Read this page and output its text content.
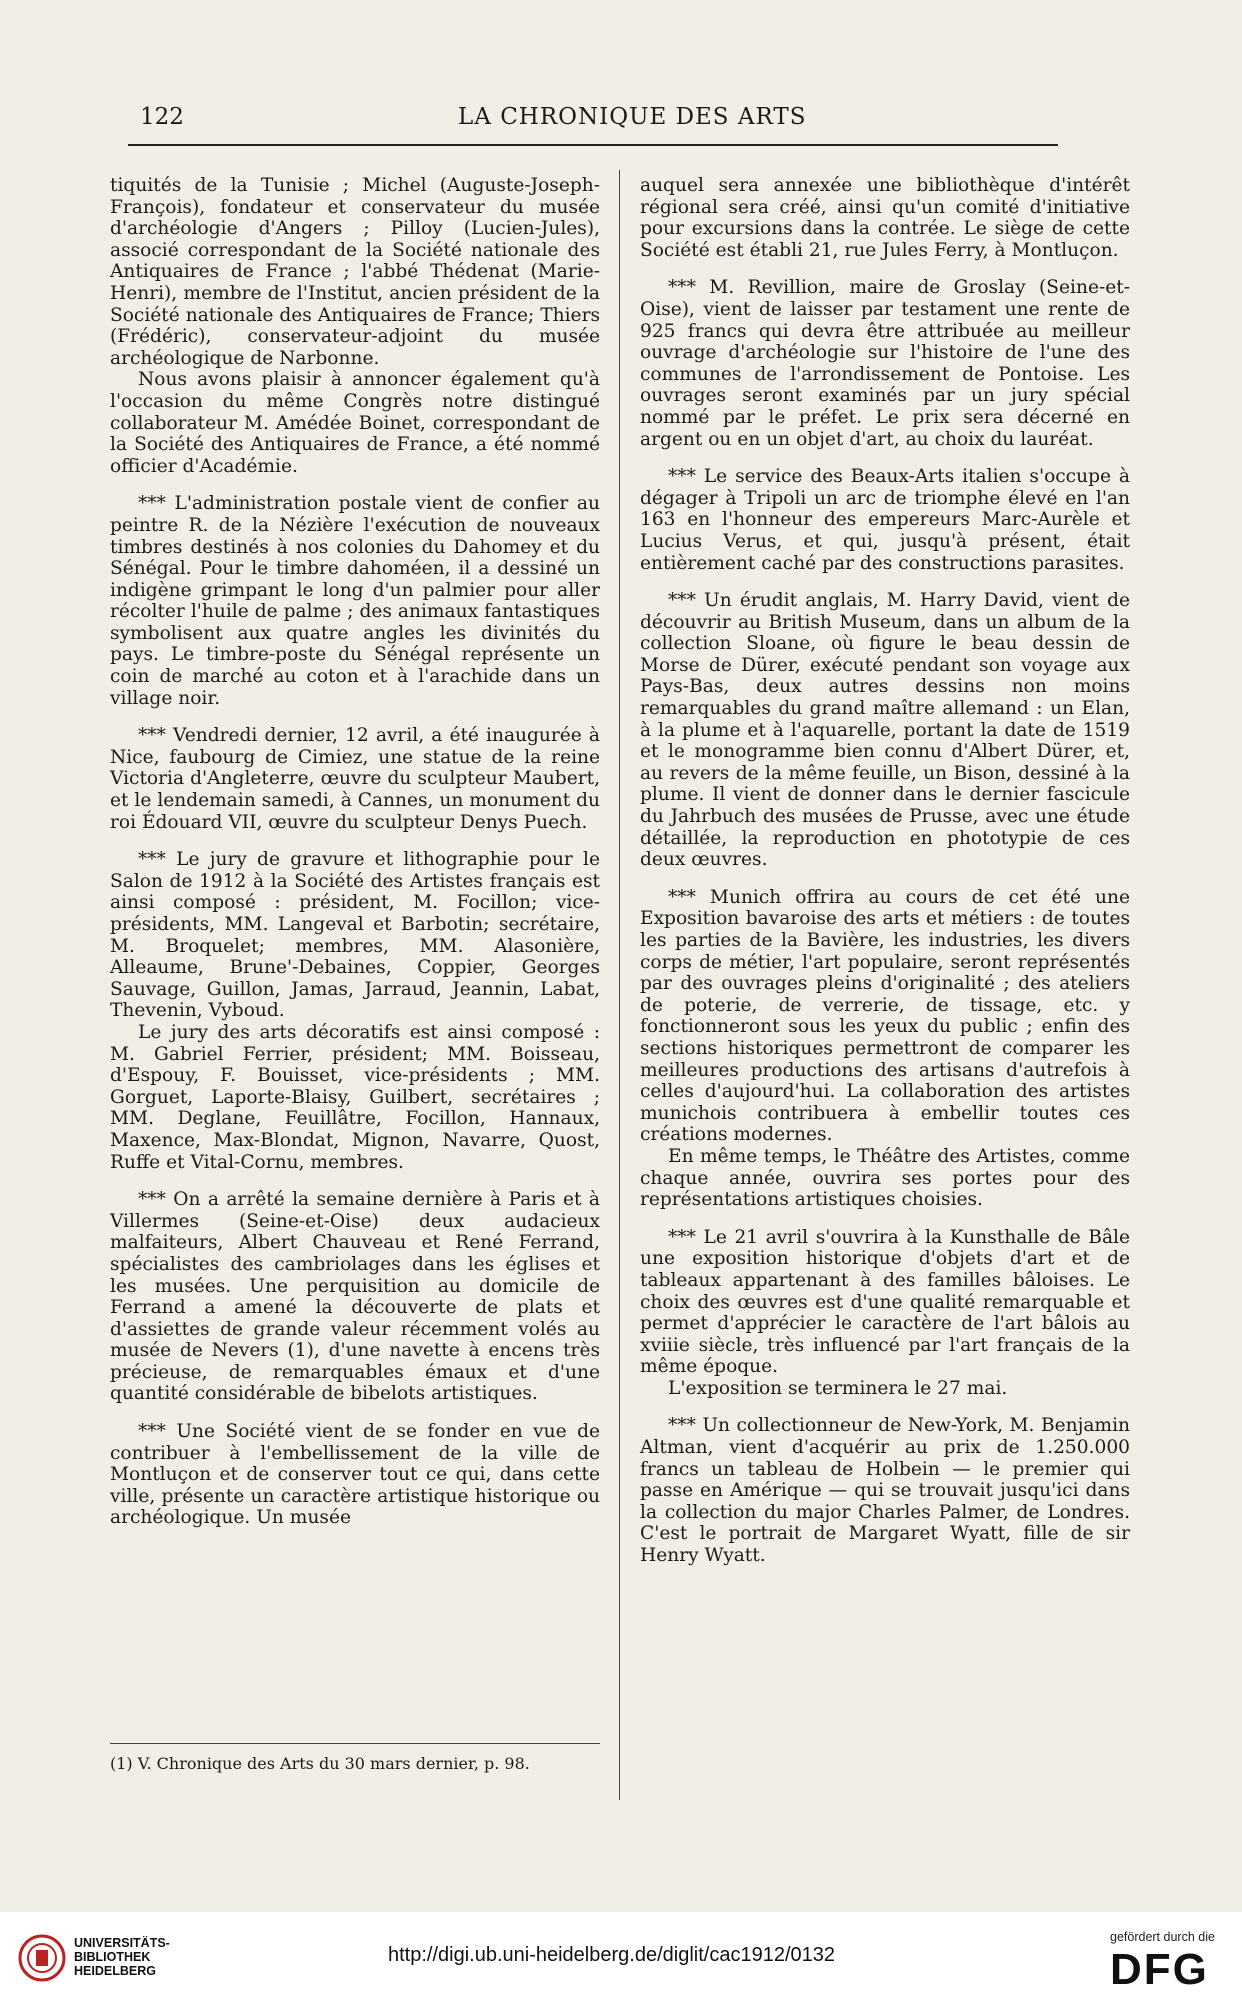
122	LA CHRONIQUE DES ARTS

tiquités de la Tunisie ; Michel (Auguste-Joseph-François), fondateur et conservateur du musée d'archéologie d'Angers ; Pilloy (Lucien-Jules), associé correspondant de la Société nationale des Antiquaires de France ; l'abbé Thédenat (Marie-Henri), membre de l'Institut, ancien président de la Société nationale des Antiquaires de France; Thiers (Frédéric), conservateur-adjoint du musée archéologique de Narbonne.

Nous avons plaisir à annoncer également qu'à l'occasion du même Congrès notre distingué collaborateur M. Amédée Boinet, correspondant de la Société des Antiquaires de France, a été nommé officier d'Académie.

*** L'administration postale vient de confier au peintre R. de la Nézière l'exécution de nouveaux timbres destinés à nos colonies du Dahomey et du Sénégal. Pour le timbre dahoméen, il a dessiné un indigène grimpant le long d'un palmier pour aller récolter l'huile de palme ; des animaux fantastiques symbolisent aux quatre angles les divinités du pays. Le timbre-poste du Sénégal représente un coin de marché au coton et à l'arachide dans un village noir.

*** Vendredi dernier, 12 avril, a été inaugurée à Nice, faubourg de Cimiez, une statue de la reine Victoria d'Angleterre, œuvre du sculpteur Maubert, et le lendemain samedi, à Cannes, un monument du roi Édouard VII, œuvre du sculpteur Denys Puech.

*** Le jury de gravure et lithographie pour le Salon de 1912 à la Société des Artistes français est ainsi composé : président, M. Focillon; vice-présidents, MM. Langeval et Barbotin; secrétaire, M. Broquelet; membres, MM. Alasonière, Alleaume, Brune'-Debaines, Coppier, Georges Sauvage, Guillon, Jamas, Jarraud, Jeannin, Labat, Thevenin, Vyboud.

Le jury des arts décoratifs est ainsi composé : M. Gabriel Ferrier, président; MM. Boisseau, d'Espouy, F. Bouisset, vice-présidents ; MM. Gorguet, Laporte-Blaisy, Guilbert, secrétaires ; MM. Deglane, Feuillâtre, Focillon, Hannaux, Maxence, Max-Blondat, Mignon, Navarre, Quost, Ruffe et Vital-Cornu, membres.

*** On a arrêté la semaine dernière à Paris et à Villermes (Seine-et-Oise) deux audacieux malfaiteurs, Albert Chauveau et René Ferrand, spécialistes des cambriolages dans les églises et les musées. Une perquisition au domicile de Ferrand a amené la découverte de plats et d'assiettes de grande valeur récemment volés au musée de Nevers (1), d'une navette à encens très précieuse, de remarquables émaux et d'une quantité considérable de bibelots artistiques.

*** Une Société vient de se fonder en vue de contribuer à l'embellissement de la ville de Montluçon et de conserver tout ce qui, dans cette ville, présente un caractère artistique historique ou archéologique. Un musée

auquel sera annexée une bibliothèque d'intérêt régional sera créé, ainsi qu'un comité d'initiative pour excursions dans la contrée. Le siège de cette Société est établi 21, rue Jules Ferry, à Montluçon.

*** M. Revillion, maire de Groslay (Seine-et-Oise), vient de laisser par testament une rente de 925 francs qui devra être attribuée au meilleur ouvrage d'archéologie sur l'histoire de l'une des communes de l'arrondissement de Pontoise. Les ouvrages seront examinés par un jury spécial nommé par le préfet. Le prix sera décerné en argent ou en un objet d'art, au choix du lauréat.

*** Le service des Beaux-Arts italien s'occupe à dégager à Tripoli un arc de triomphe élevé en l'an 163 en l'honneur des empereurs Marc-Aurèle et Lucius Verus, et qui, jusqu'à présent, était entièrement caché par des constructions parasites.

*** Un érudit anglais, M. Harry David, vient de découvrir au British Museum, dans un album de la collection Sloane, où figure le beau dessin de Morse de Dürer, exécuté pendant son voyage aux Pays-Bas, deux autres dessins non moins remarquables du grand maître allemand : un Elan, à la plume et à l'aquarelle, portant la date de 1519 et le monogramme bien connu d'Albert Dürer, et, au revers de la même feuille, un Bison, dessiné à la plume. Il vient de donner dans le dernier fascicule du Jahrbuch des musées de Prusse, avec une étude détaillée, la reproduction en phototypie de ces deux œuvres.

*** Munich offrira au cours de cet été une Exposition bavaroise des arts et métiers : de toutes les parties de la Bavière, les industries, les divers corps de métier, l'art populaire, seront représentés par des ouvrages pleins d'originalité ; des ateliers de poterie, de verrerie, de tissage, etc. y fonctionneront sous les yeux du public ; enfin des sections historiques permettront de comparer les meilleures productions des artisans d'autrefois à celles d'aujourd'hui. La collaboration des artistes munichois contribuera à embellir toutes ces créations modernes.

En même temps, le Théâtre des Artistes, comme chaque année, ouvrira ses portes pour des représentations artistiques choisies.

*** Le 21 avril s'ouvrira à la Kunsthalle de Bâle une exposition historique d'objets d'art et de tableaux appartenant à des familles bâloises. Le choix des œuvres est d'une qualité remarquable et permet d'apprécier le caractère de l'art bâlois au xviiie siècle, très influencé par l'art français de la même époque.

L'exposition se terminera le 27 mai.

*** Un collectionneur de New-York, M. Benjamin Altman, vient d'acquérir au prix de 1.250.000 francs un tableau de Holbein — le premier qui passe en Amérique — qui se trouvait jusqu'ici dans la collection du major Charles Palmer, de Londres. C'est le portrait de Margaret Wyatt, fille de sir Henry Wyatt.

(1) V. Chronique des Arts du 30 mars dernier, p. 98.
UNIVERSITÄTS-
BIBLIOTHEK
HEIDELBERG
http://digi.ub.uni-heidelberg.de/diglit/cac1912/0132
gefördert durch die
DFG
